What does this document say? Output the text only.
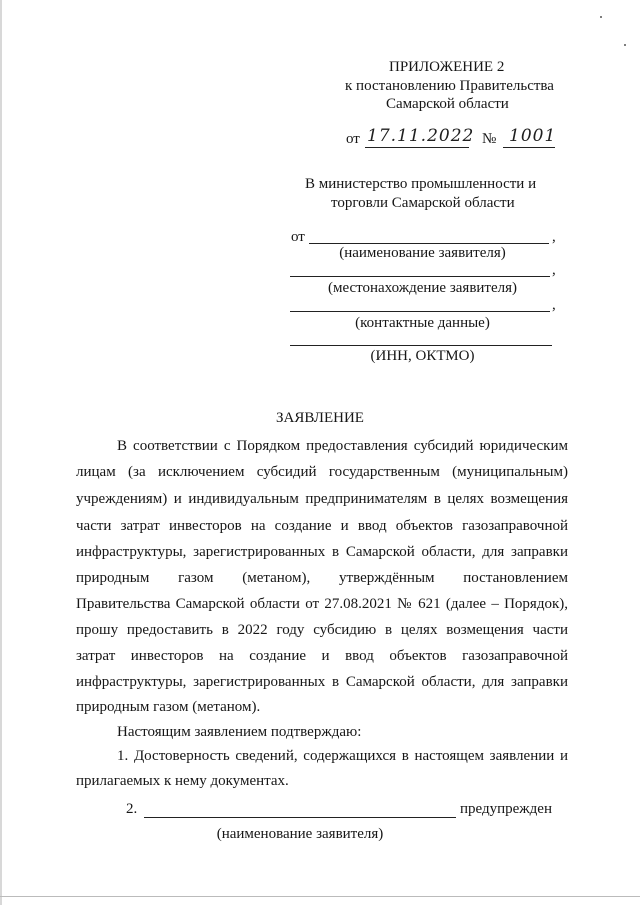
ПРИЛОЖЕНИЕ 2
к постановлению Правительства
Самарской области
от 17.11.2022 № 1001
В министерство промышленности и
торговли Самарской области
от	,
(наименование заявителя)
,
(местонахождение заявителя)
,
(контактные данные)
(ИНН, ОКТМО)
ЗАЯВЛЕНИЕ
В соответствии с Порядком предоставления субсидий юридическим
лицам (за исключением субсидий государственным (муниципальным)
учреждениям) и индивидуальным предпринимателям в целях возмещения
части затрат инвесторов на создание и ввод объектов газозаправочной
инфраструктуры, зарегистрированных в Самарской области, для заправки
природным газом (метаном), утверждённым постановлением
Правительства Самарской области от 27.08.2021 № 621 (далее – Порядок),
прошу предоставить в 2022 году субсидию в целях возмещения части
затрат инвесторов на создание и ввод объектов газозаправочной
инфраструктуры, зарегистрированных в Самарской области, для заправки
природным газом (метаном).
Настоящим заявлением подтверждаю:
1. Достоверность сведений, содержащихся в настоящем заявлении и
прилагаемых к нему документах.
2.	предупрежден
(наименование заявителя)
